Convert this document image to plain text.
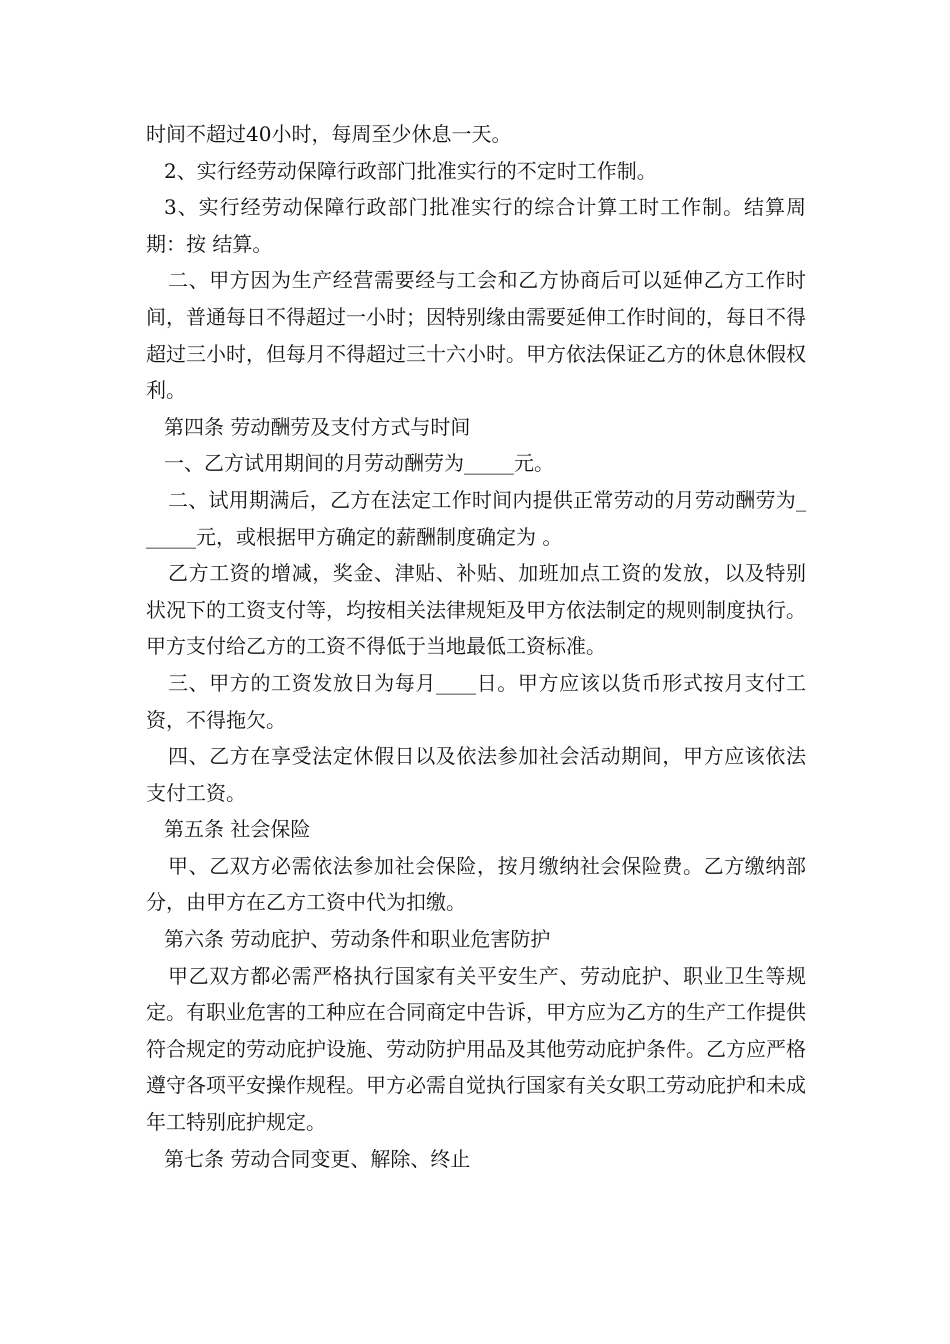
时间不超过40小时，每周至少休息一天。

2、实行经劳动保障行政部门批准实行的不定时工作制。

3、实行经劳动保障行政部门批准实行的综合计算工时工作制。结算周期：按 结算。

二、甲方因为生产经营需要经与工会和乙方协商后可以延伸乙方工作时间，普通每日不得超过一小时；因特别缘由需要延伸工作时间的，每日不得超过三小时，但每月不得超过三十六小时。甲方依法保证乙方的休息休假权利。

第四条 劳动酬劳及支付方式与时间

一、乙方试用期间的月劳动酬劳为_____元。

二、试用期满后，乙方在法定工作时间内提供正常劳动的月劳动酬劳为______元，或根据甲方确定的薪酬制度确定为 。

乙方工资的增减，奖金、津贴、补贴、加班加点工资的发放，以及特别状况下的工资支付等，均按相关法律规矩及甲方依法制定的规则制度执行。甲方支付给乙方的工资不得低于当地最低工资标准。

三、甲方的工资发放日为每月____日。甲方应该以货币形式按月支付工资，不得拖欠。

四、乙方在享受法定休假日以及依法参加社会活动期间，甲方应该依法支付工资。

第五条 社会保险

甲、乙双方必需依法参加社会保险，按月缴纳社会保险费。乙方缴纳部分，由甲方在乙方工资中代为扣缴。

第六条 劳动庇护、劳动条件和职业危害防护

甲乙双方都必需严格执行国家有关平安生产、劳动庇护、职业卫生等规定。有职业危害的工种应在合同商定中告诉，甲方应为乙方的生产工作提供符合规定的劳动庇护设施、劳动防护用品及其他劳动庇护条件。乙方应严格遵守各项平安操作规程。甲方必需自觉执行国家有关女职工劳动庇护和未成年工特别庇护规定。

第七条 劳动合同变更、解除、终止
